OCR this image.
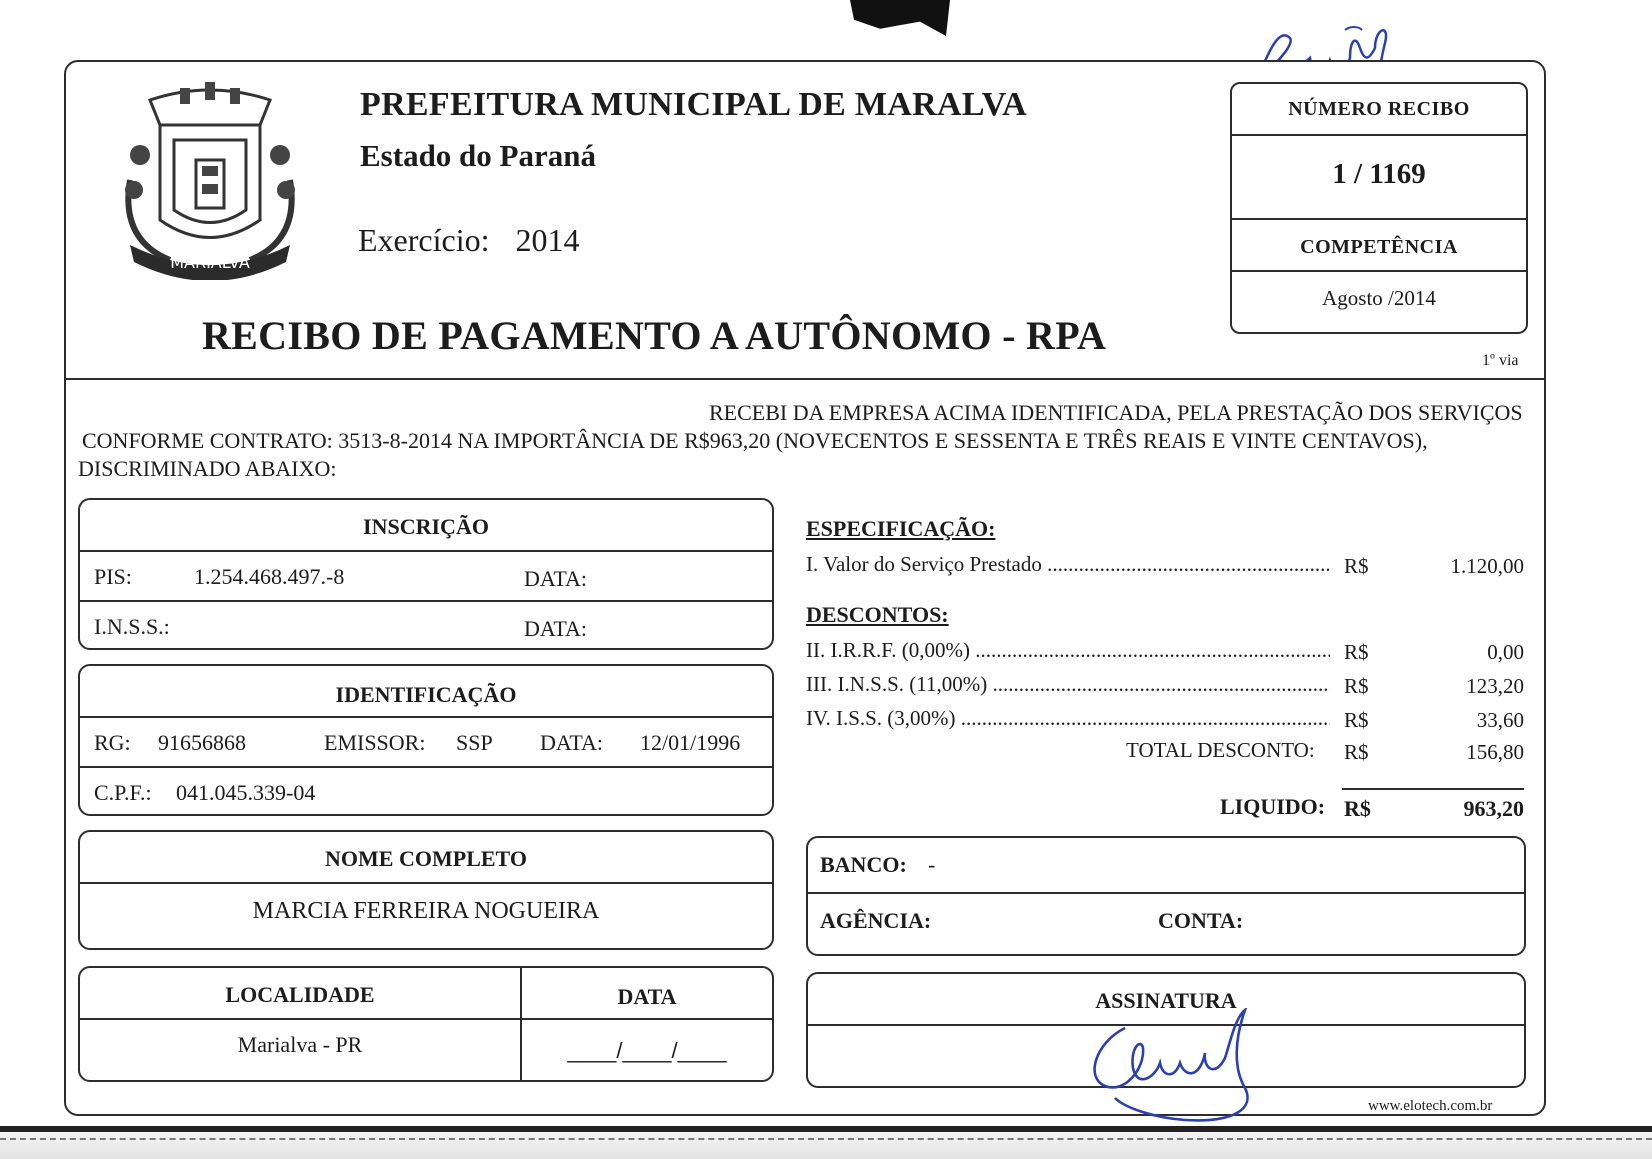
MARIALVA
PREFEITURA MUNICIPAL DE MARALVA
Estado do Paraná
Exercício: 2014
RECIBO DE PAGAMENTO A AUTÔNOMO - RPA
NÚMERO RECIBO
1 / 1169
COMPETÊNCIA
Agosto /2014
1º via
RECEBI DA EMPRESA ACIMA IDENTIFICADA, PELA PRESTAÇÃO DOS SERVIÇOS
CONFORME CONTRATO: 3513-8-2014 NA IMPORTÂNCIA DE R$963,20 (NOVECENTOS E SESSENTA E TRÊS REAIS E VINTE CENTAVOS),
DISCRIMINADO ABAIXO:
INSCRIÇÃO
PIS:	1.254.468.497.-8	DATA:
I.N.S.S.:	DATA:
IDENTIFICAÇÃO
RG: 91656868	EMISSOR: SSP DATA: 12/01/1996
C.P.F.: 041.045.339-04
NOME COMPLETO
MARCIA FERREIRA NOGUEIRA
LOCALIDADE
Marialva - PR
DATA
____/____/____
ESPECIFICAÇÃO:
I. Valor do Serviço Prestado .....	R$	1.120,00
DESCONTOS:
II. I.R.R.F. (0,00%) .....	R$	0,00
III. I.N.S.S. (11,00%) .....	R$	123,20
IV. I.S.S. (3,00%) .....	R$	33,60
TOTAL DESCONTO: R$	156,80
LIQUIDO: R$	963,20
BANCO: -
AGÊNCIA:	CONTA:
ASSINATURA
www.elotech.com.br
